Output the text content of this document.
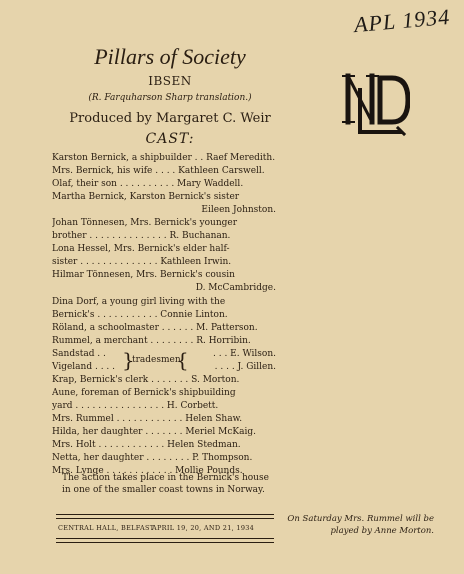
APL 1934
Pillars of Society
IBSEN
(R. Farquharson Sharp translation.)
Produced by Margaret C. Weir
CAST:
Karston Bernick, a shipbuilder . . Raef Meredith.
Mrs. Bernick, his wife . . . . Kathleen Carswell.
Olaf, their son . . . . . . . . . . Mary Waddell.
Martha Bernick, Karston Bernick's sister
Eileen Johnston.
Johan Tönnesen, Mrs. Bernick's younger
brother . . . . . . . . . . . . . . R. Buchanan.
Lona Hessel, Mrs. Bernick's elder half-
sister . . . . . . . . . . . . . . Kathleen Irwin.
Hilmar Tönnesen, Mrs. Bernick's cousin
D. McCambridge.
Dina Dorf, a young girl living with the
Bernick's . . . . . . . . . . . Connie Linton.
Röland, a schoolmaster . . . . . . M. Patterson.
Rummel, a merchant . . . . . . . . R. Horribin.
Sandstad . .	. . . E. Wilson.
Vigeland . . . .	. . . . J. Gillen.
}
tradesmen
{
Krap, Bernick's clerk . . . . . . . S. Morton.
Aune, foreman of Bernick's shipbuilding
yard . . . . . . . . . . . . . . . . H. Corbett.
Mrs. Rummel . . . . . . . . . . . . Helen Shaw.
Hilda, her daughter . . . . . . . Meriel McKaig.
Mrs. Holt . . . . . . . . . . . . Helen Stedman.
Netta, her daughter . . . . . . . . P. Thompson.
Mrs. Lynge . . . . . . . . . . . . Mollie Pounds.
The action takes place in the Bernick's house in one of the smaller coast towns in Norway.
CENTRAL HALL, BELFAST
APRIL 19, 20, AND 21, 1934
On Saturday Mrs. Rummel will be played by Anne Morton.
